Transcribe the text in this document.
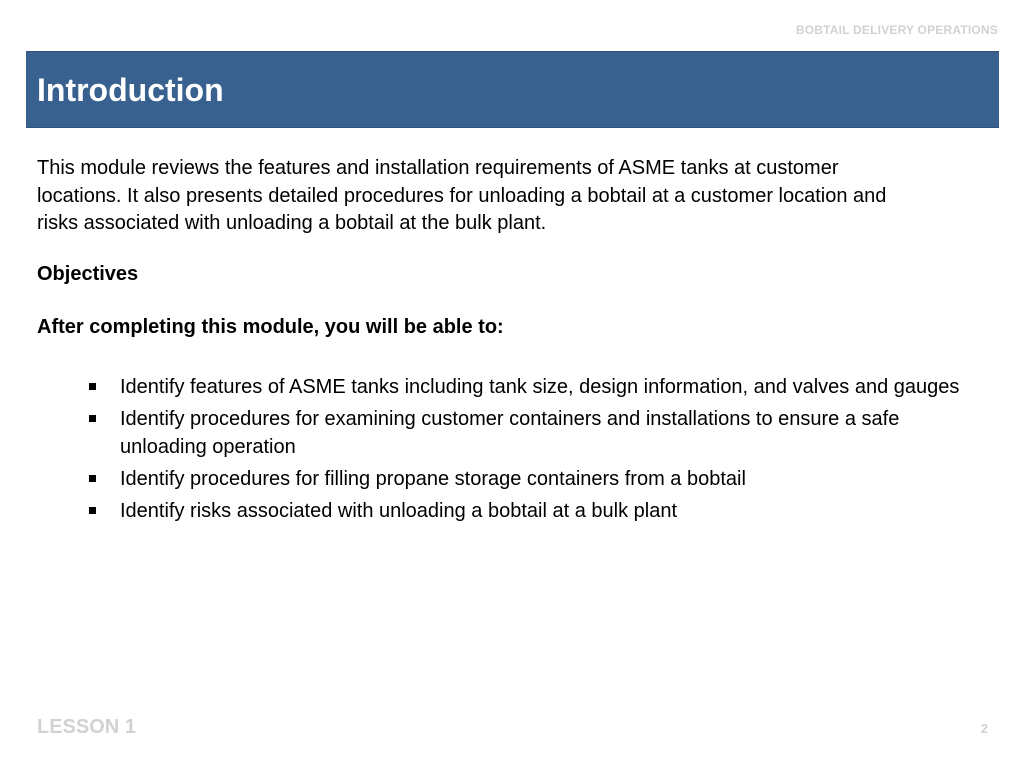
BOBTAIL DELIVERY OPERATIONS
Introduction

This module reviews the features and installation requirements of ASME tanks at customer locations. It also presents detailed procedures for unloading a bobtail at a customer location and risks associated with unloading a bobtail at the bulk plant.

Objectives
After completing this module, you will be able to:
Identify features of ASME tanks including tank size, design information, and valves and gauges
Identify procedures for examining customer containers and installations to ensure a safe unloading operation
Identify procedures for filling propane storage containers from a bobtail
Identify risks associated with unloading a bobtail at a bulk plant
LESSON 1	2
